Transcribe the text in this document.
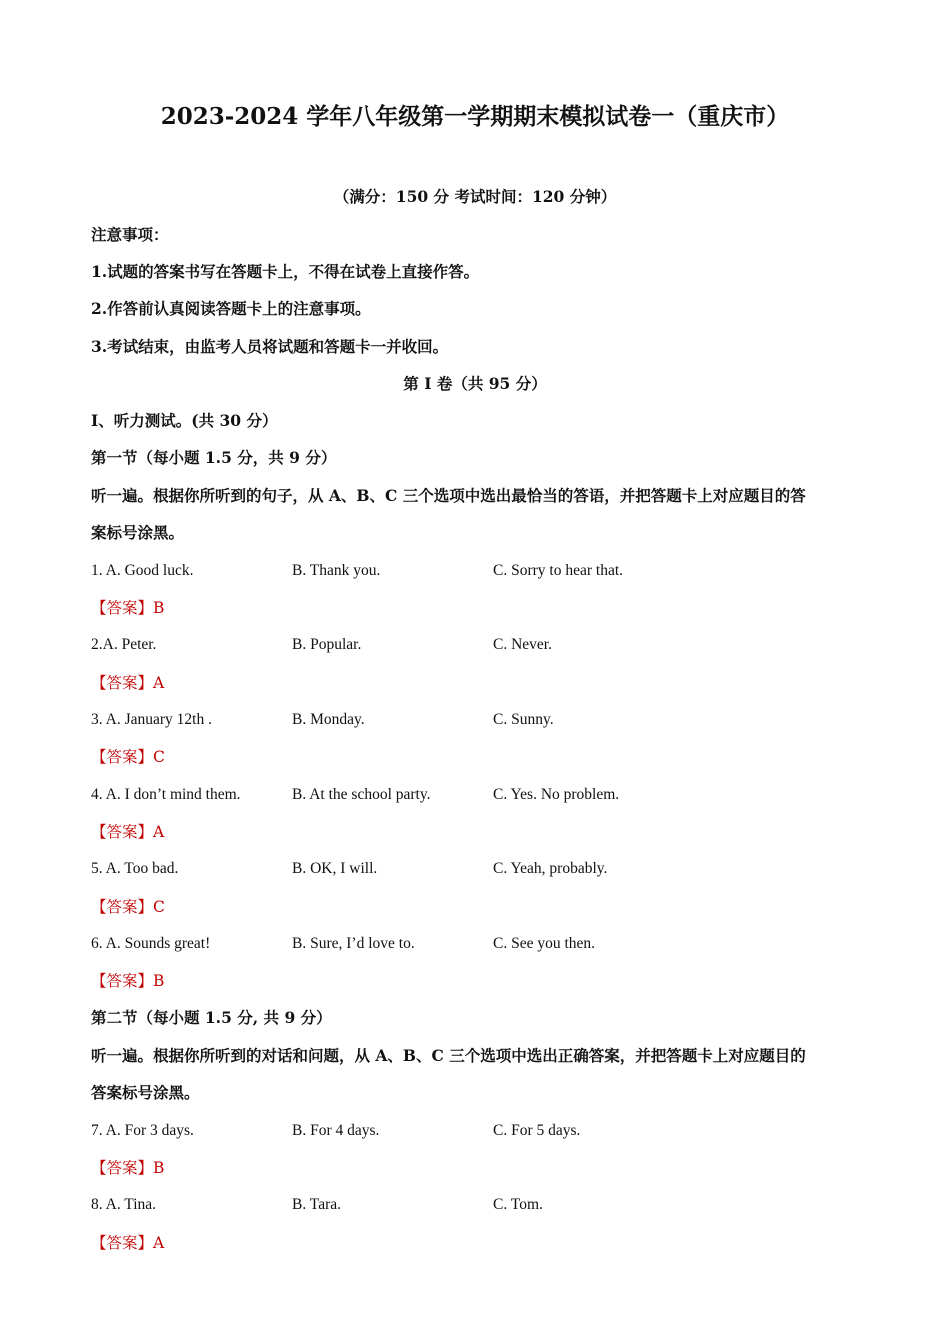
2023-2024 学年八年级第一学期期末模拟试卷一（重庆市）
（满分：150 分 考试时间：120 分钟）
注意事项：
1.试题的答案书写在答题卡上，不得在试卷上直接作答。
2.作答前认真阅读答题卡上的注意事项。
3.考试结束，由监考人员将试题和答题卡一并收回。
第 I 卷（共 95 分）
Ⅰ、听力测试。(共 30 分）
第一节（每小题 1.5 分，共 9 分）
听一遍。根据你所听到的句子，从 A、B、C 三个选项中选出最恰当的答语，并把答题卡上对应题目的答
案标号涂黑。
1. A. Good luck.	B. Thank you.	C. Sorry to hear that.
【答案】B
2.A. Peter.	B. Popular.	C. Never.
【答案】A
3. A. January 12th .	B. Monday.	C. Sunny.
【答案】C
4. A. I don’t mind them.	B. At the school party.	C. Yes. No problem.
【答案】A
5. A. Too bad.	B. OK, I will.	C. Yeah, probably.
【答案】C
6. A. Sounds great!	B. Sure, I’d love to.	C. See you then.
【答案】B
第二节（每小题 1.5 分, 共 9 分）
听一遍。根据你所听到的对话和问题，从 A、B、C 三个选项中选出正确答案，并把答题卡上对应题目的
答案标号涂黑。
7. A. For 3 days.	B. For 4 days.	C. For 5 days.
【答案】B
8. A. Tina.	B. Tara.	C. Tom.
【答案】A
